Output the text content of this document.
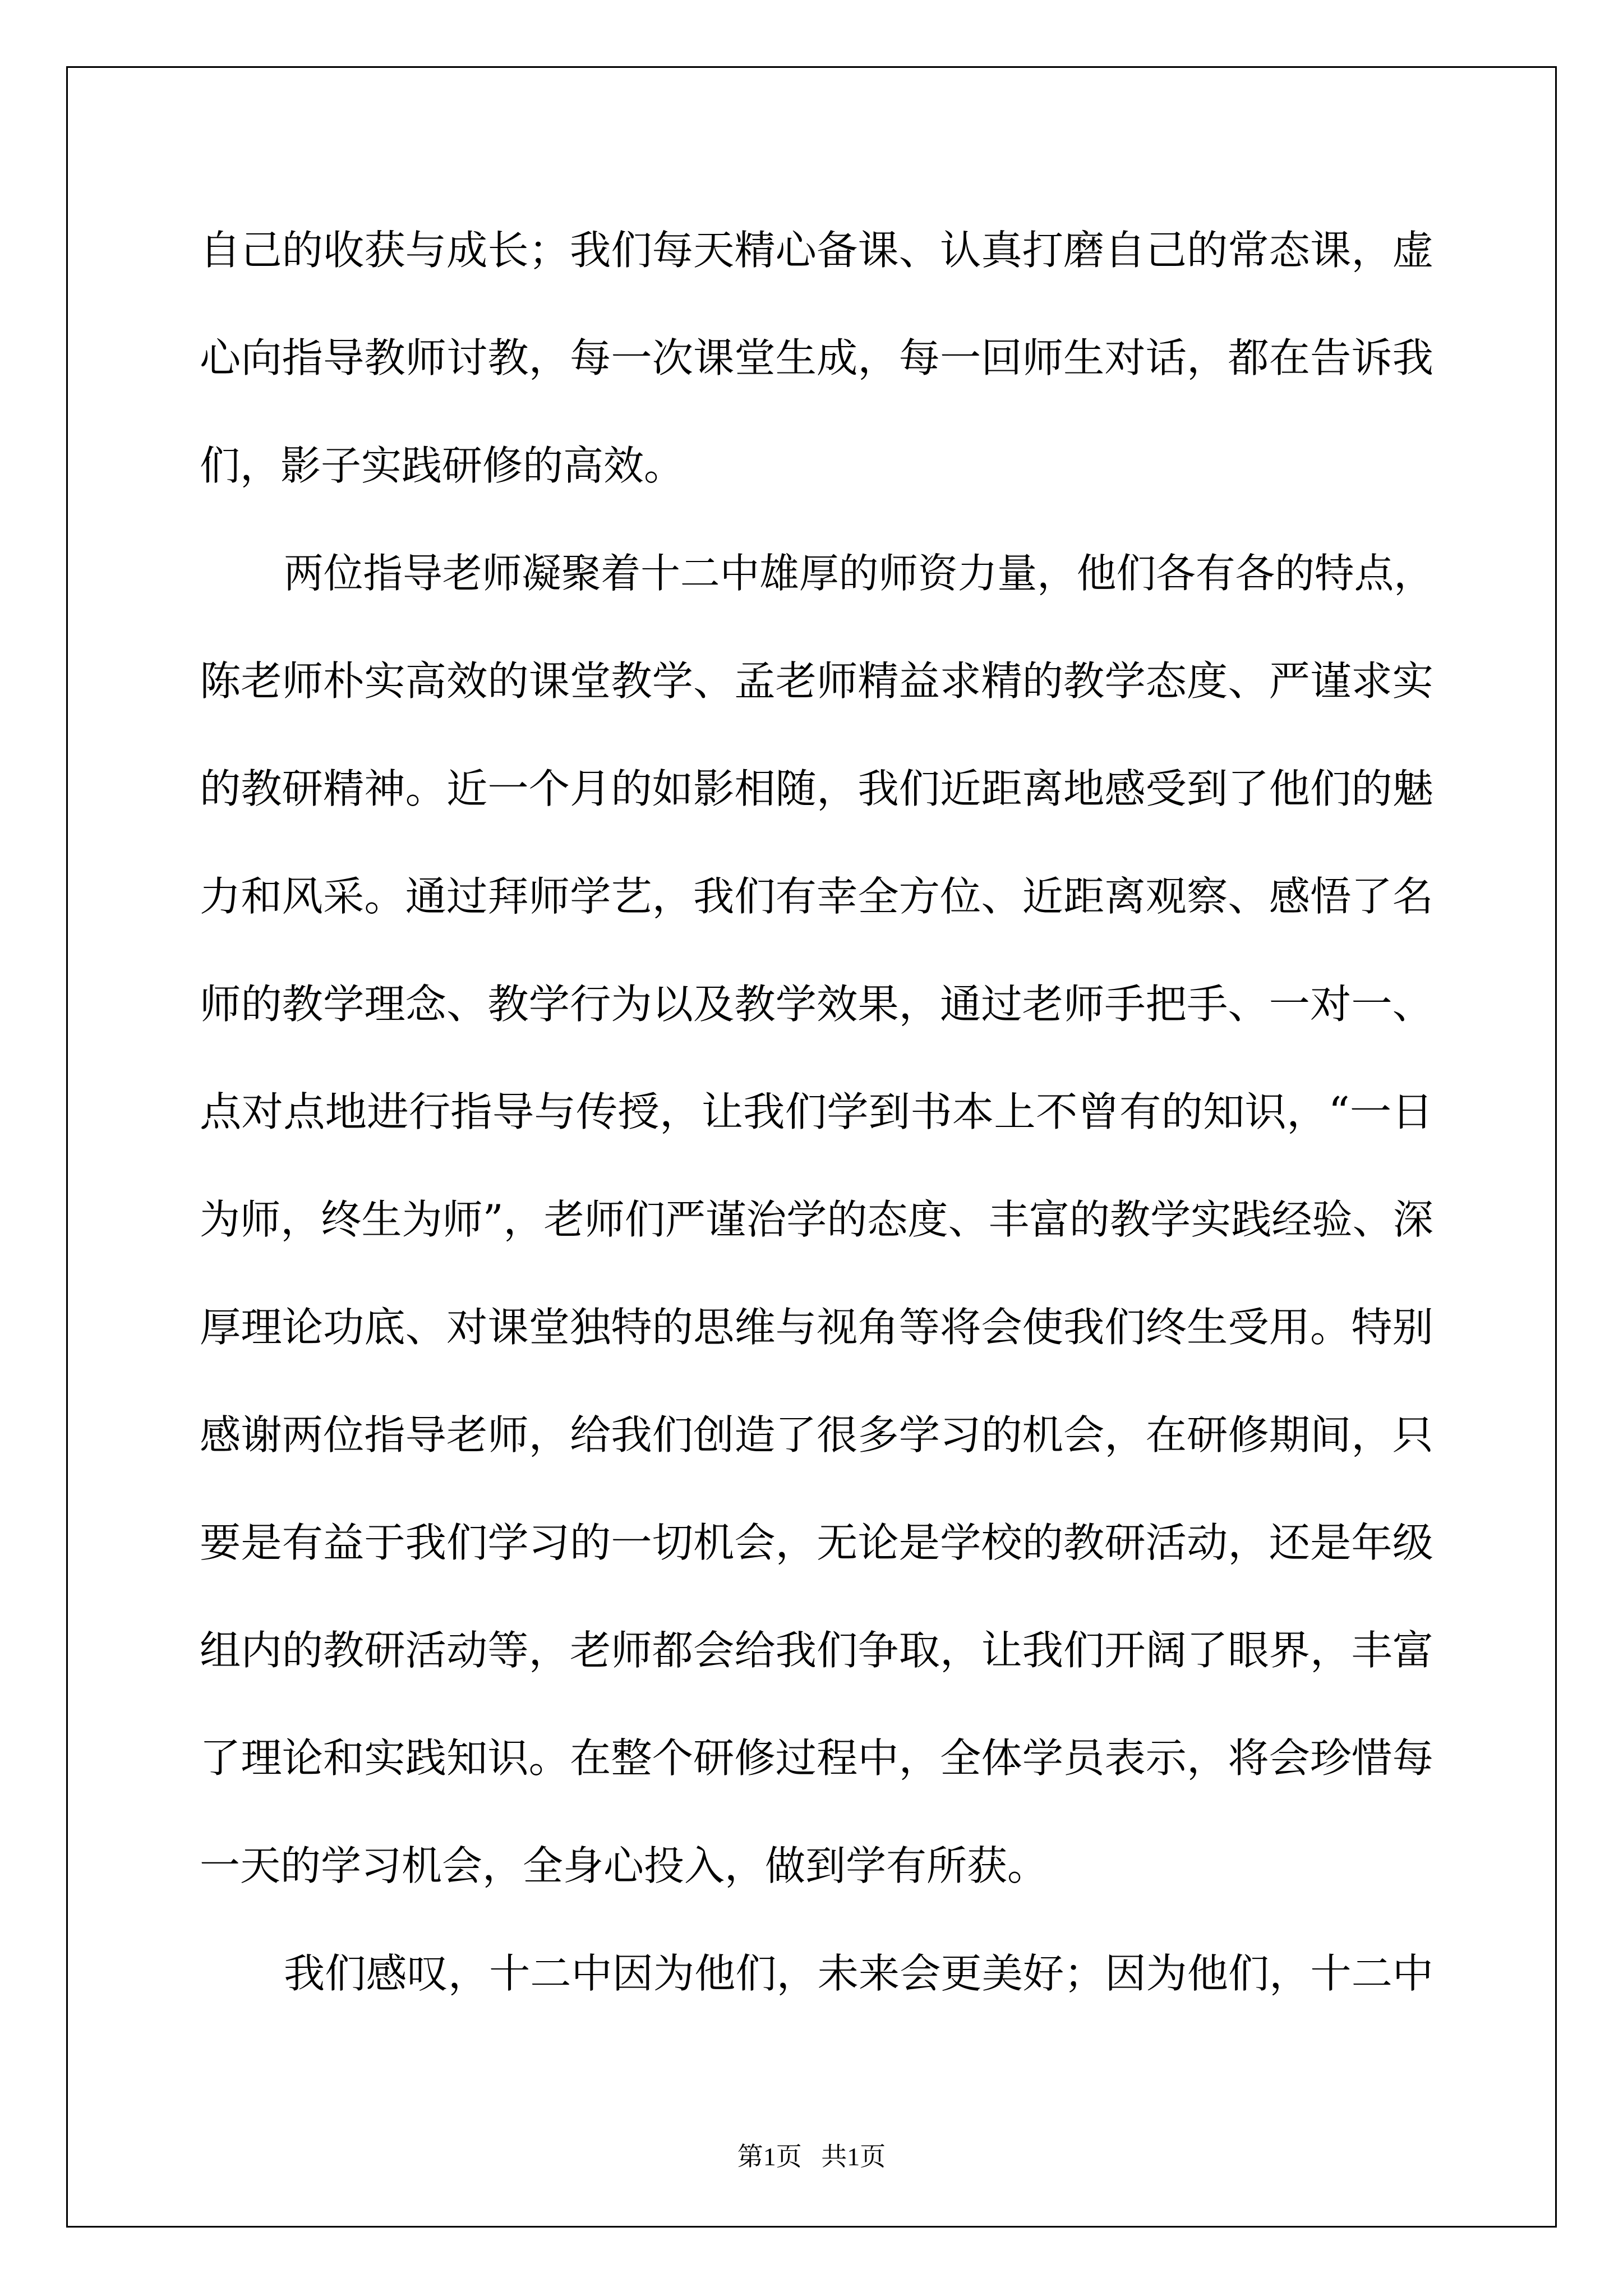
自己的收获与成长；我们每天精心备课、认真打磨自己的常态课，虚
心向指导教师讨教，每一次课堂生成，每一回师生对话，都在告诉我
们，影子实践研修的高效。
两位指导老师凝聚着十二中雄厚的师资力量，他们各有各的特点，
陈老师朴实高效的课堂教学、孟老师精益求精的教学态度、严谨求实
的教研精神。近一个月的如影相随，我们近距离地感受到了他们的魅
力和风采。通过拜师学艺，我们有幸全方位、近距离观察、感悟了名
师的教学理念、教学行为以及教学效果，通过老师手把手、一对一、
点对点地进行指导与传授，让我们学到书本上不曾有的知识，“一日
为师，终生为师”，老师们严谨治学的态度、丰富的教学实践经验、深
厚理论功底、对课堂独特的思维与视角等将会使我们终生受用。特别
感谢两位指导老师，给我们创造了很多学习的机会，在研修期间，只
要是有益于我们学习的一切机会，无论是学校的教研活动，还是年级
组内的教研活动等，老师都会给我们争取，让我们开阔了眼界，丰富
了理论和实践知识。在整个研修过程中，全体学员表示，将会珍惜每
一天的学习机会，全身心投入，做到学有所获。
我们感叹，十二中因为他们，未来会更美好；因为他们，十二中
第1页   共1页
